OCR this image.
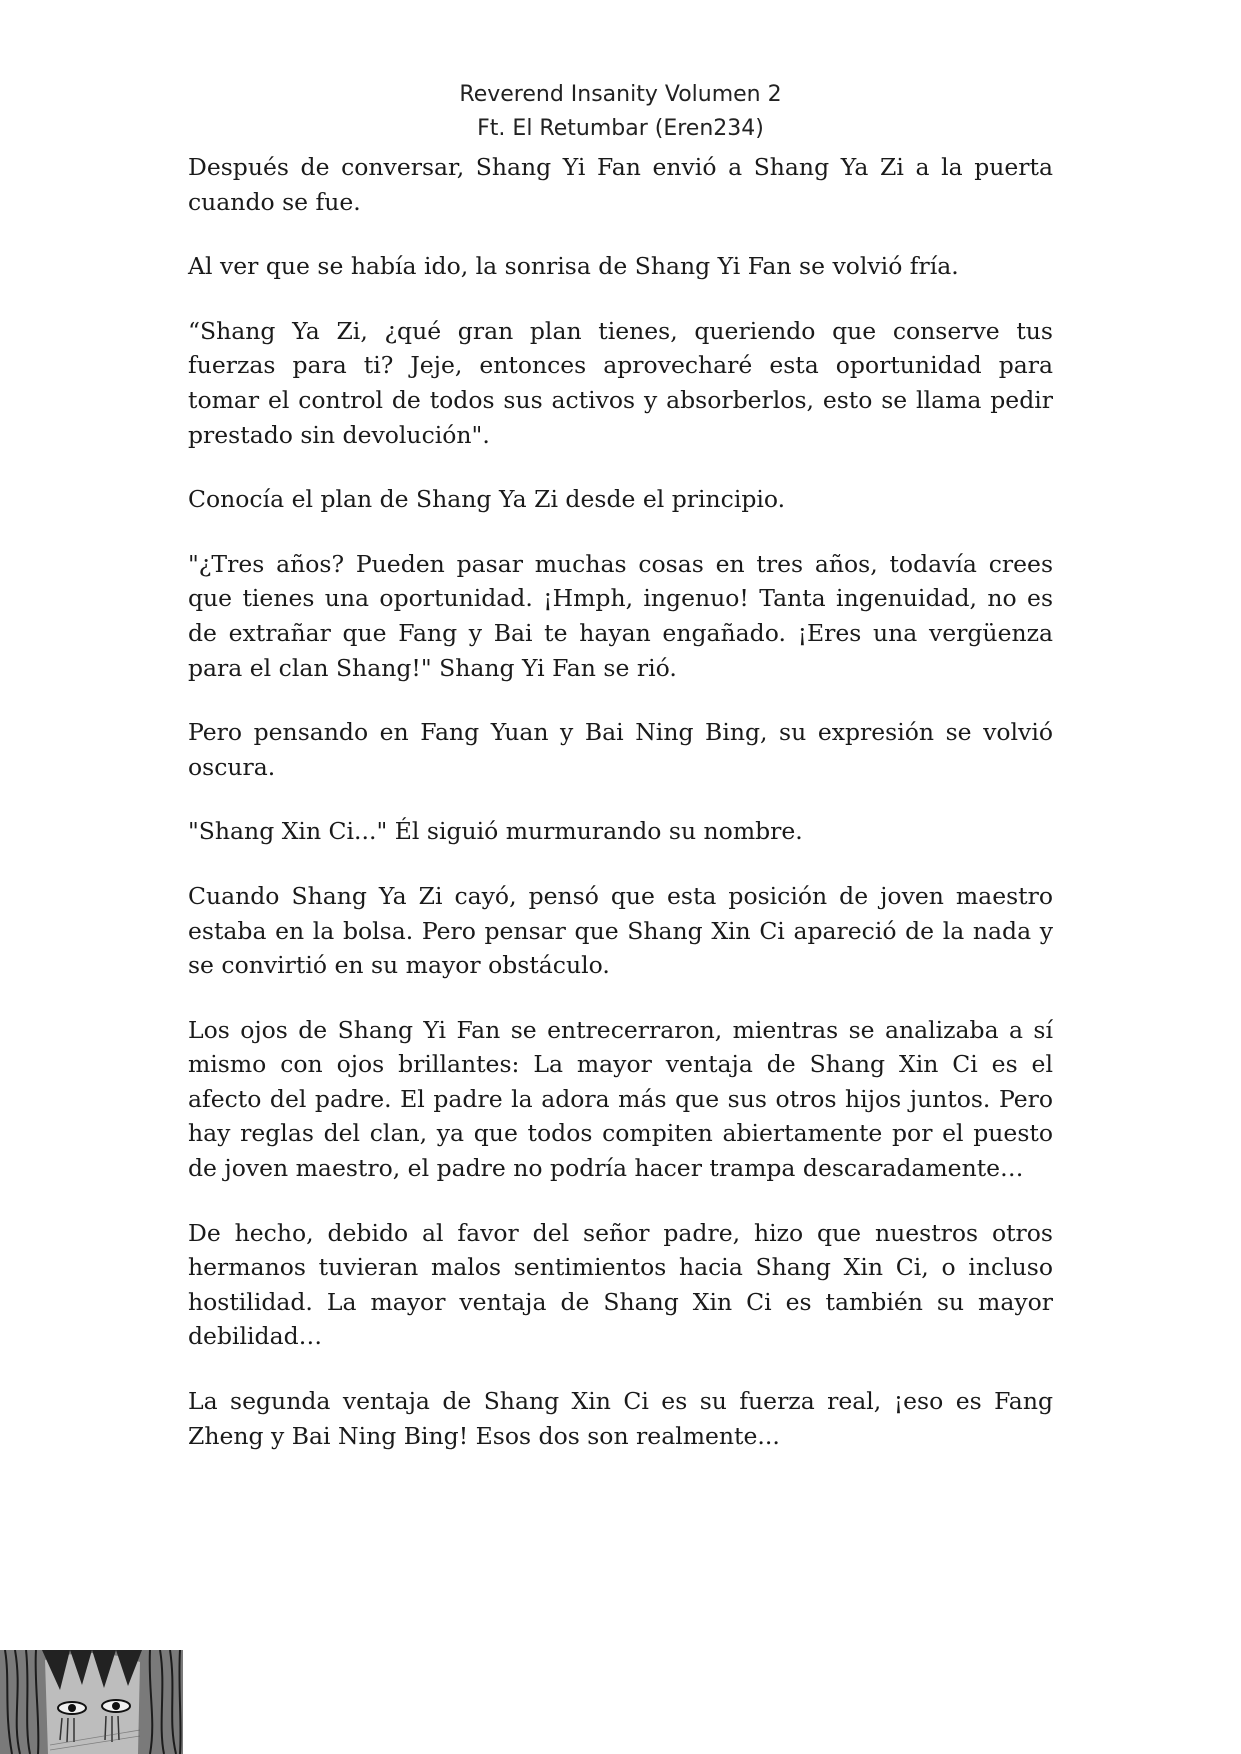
Reverend Insanity Volumen 2
Ft. El Retumbar (Eren234)

Después de conversar, Shang Yi Fan envió a Shang Ya Zi a la puerta cuando se fue.

Al ver que se había ido, la sonrisa de Shang Yi Fan se volvió fría.

“Shang Ya Zi, ¿qué gran plan tienes, queriendo que conserve tus fuerzas para ti? Jeje, entonces aprovecharé esta oportunidad para tomar el control de todos sus activos y absorberlos, esto se llama pedir prestado sin devolución".

Conocía el plan de Shang Ya Zi desde el principio.

"¿Tres años? Pueden pasar muchas cosas en tres años, todavía crees que tienes una oportunidad. ¡Hmph, ingenuo! Tanta ingenuidad, no es de extrañar que Fang y Bai te hayan engañado. ¡Eres una vergüenza para el clan Shang!" Shang Yi Fan se rió.

Pero pensando en Fang Yuan y Bai Ning Bing, su expresión se volvió oscura.

"Shang Xin Ci..." Él siguió murmurando su nombre.

Cuando Shang Ya Zi cayó, pensó que esta posición de joven maestro estaba en la bolsa. Pero pensar que Shang Xin Ci apareció de la nada y se convirtió en su mayor obstáculo.

Los ojos de Shang Yi Fan se entrecerraron, mientras se analizaba a sí mismo con ojos brillantes: La mayor ventaja de Shang Xin Ci es el afecto del padre. El padre la adora más que sus otros hijos juntos. Pero hay reglas del clan, ya que todos compiten abiertamente por el puesto de joven maestro, el padre no podría hacer trampa descaradamente…

De hecho, debido al favor del señor padre, hizo que nuestros otros hermanos tuvieran malos sentimientos hacia Shang Xin Ci, o incluso hostilidad. La mayor ventaja de Shang Xin Ci es también su mayor debilidad…

La segunda ventaja de Shang Xin Ci es su fuerza real, ¡eso es Fang Zheng y Bai Ning Bing! Esos dos son realmente...
